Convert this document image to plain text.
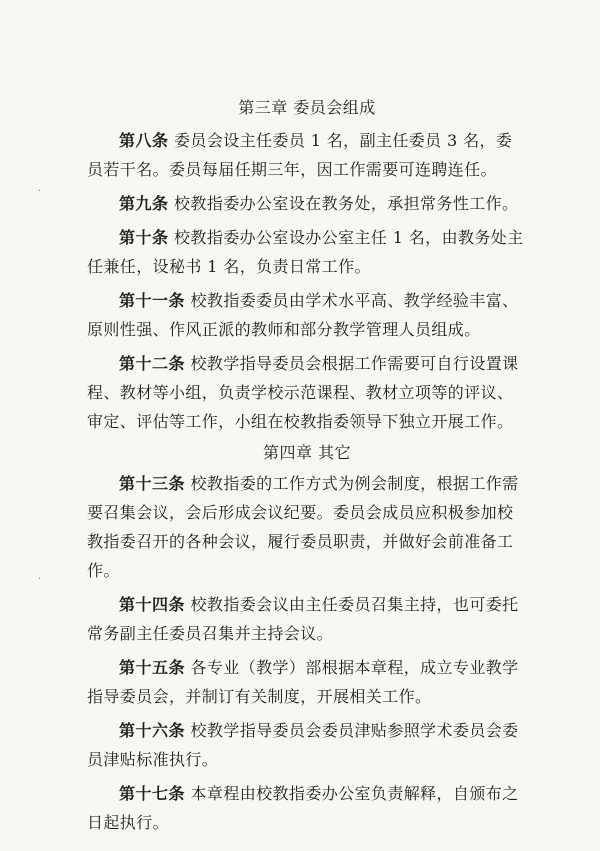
·
·
第三章 委员会组成

第八条 委员会设主任委员 1 名，副主任委员 3 名，委员若干名。委员每届任期三年，因工作需要可连聘连任。

第九条 校教指委办公室设在教务处，承担常务性工作。

第十条 校教指委办公室设办公室主任 1 名，由教务处主任兼任，设秘书 1 名，负责日常工作。

第十一条 校教指委委员由学术水平高、教学经验丰富、原则性强、作风正派的教师和部分教学管理人员组成。

第十二条 校教学指导委员会根据工作需要可自行设置课程、教材等小组，负责学校示范课程、教材立项等的评议、审定、评估等工作，小组在校教指委领导下独立开展工作。

第四章 其它

第十三条 校教指委的工作方式为例会制度，根据工作需要召集会议，会后形成会议纪要。委员会成员应积极参加校教指委召开的各种会议，履行委员职责，并做好会前准备工作。

第十四条 校教指委会议由主任委员召集主持，也可委托常务副主任委员召集并主持会议。

第十五条 各专业（教学）部根据本章程，成立专业教学指导委员会，并制订有关制度，开展相关工作。

第十六条 校教学指导委员会委员津贴参照学术委员会委员津贴标准执行。

第十七条 本章程由校教指委办公室负责解释，自颁布之日起执行。
